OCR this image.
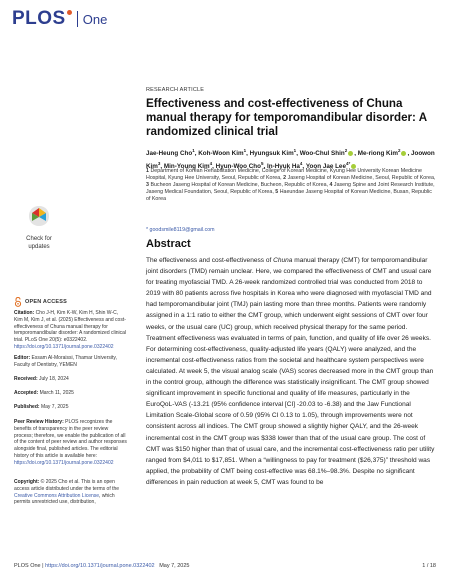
PLOS One
Check for
updates
OPEN ACCESS
Citation: Cho J-H, Kim K-W, Kim H, Shin W-C, Kim M, Kim J, et al. (2025) Effectiveness and cost-effectiveness of Chuna manual therapy for temporomandibular disorder: A randomized clinical trial. PLoS One 20(5): e0322402. https://doi.org/10.1371/journal.pone.0322402
Editor: Essam Al-Moraissi, Thamar University, Faculty of Dentistry, YEMEN
Received: July 18, 2024
Accepted: March 11, 2025
Published: May 7, 2025
Peer Review History: PLOS recognizes the benefits of transparency in the peer review process; therefore, we enable the publication of all of the content of peer review and author responses alongside final, published articles. The editorial history of this article is available here: https://doi.org/10.1371/journal.pone.0322402
Copyright: © 2025 Cho et al. This is an open access article distributed under the terms of the Creative Commons Attribution License, which permits unrestricted use, distribution,
RESEARCH ARTICLE
Effectiveness and cost-effectiveness of Chuna manual therapy for temporomandibular disorder: A randomized clinical trial
Jae-Heung Cho$^1$, Koh-Woon Kim$^1$, Hyungsuk Kim$^1$, Woo-Chul Shin$^2$ , Me-riong Kim$^2$ , Joowon Kim$^3$, Min-Young Kim$^4$, Hyun-Woo Cho$^5$, In-Hyuk Ha$^4$, Yoon Jae Lee$^{4*}$
1 Department of Korean Rehabilitation Medicine, College of Korean Medicine, Kyung Hee University Korean Medicine Hospital, Kyung Hee University, Seoul, Republic of Korea, 2 Jaseng Hospital of Korean Medicine, Seoul, Republic of Korea, 3 Bucheon Jaseng Hospital of Korean Medicine, Bucheon, Republic of Korea, 4 Jaseng Spine and Joint Research Institute, Jaseng Medical Foundation, Seoul, Republic of Korea, 5 Haeundae Jaseng Hospital of Korean Medicine, Busan, Republic of Korea
* goodsmile8119@gmail.com
Abstract
The effectiveness and cost-effectiveness of Chuna manual therapy (CMT) for temporomandibular joint disorders (TMD) remain unclear. Here, we compared the effectiveness of CMT and usual care for treating myofascial TMD. A 26-week randomized controlled trial was conducted from 2018 to 2019 with 80 patients across five hospitals in Korea who were diagnosed with myofascial TMD and had temporomandibular joint (TMJ) pain lasting more than three months. Patients were randomly assigned in a 1:1 ratio to either the CMT group, which underwent eight sessions of CMT over four weeks, or the usual care (UC) group, which received physical therapy for the same period. Treatment effectiveness was evaluated in terms of pain, function, and quality of life over 26 weeks. For determining cost-effectiveness, quality-adjusted life years (QALY) were analyzed, and the incremental cost-effectiveness ratios from the societal and healthcare system perspectives were calculated. At week 5, the visual analog scale (VAS) scores decreased more in the CMT group than in the control group, although the difference was statistically insignificant. The CMT group showed significant improvement in specific functional and quality of life measures, particularly in the EuroQoL-VAS (-13.21 (95% confidence interval [CI] -20.03 to -6.38) and the Jaw Functional Limitation Scale-Global score of 0.59 (95% CI 0.13 to 1.05), through improvements were not consistent across all indices. The CMT group showed a slightly higher QALY, and the 26-week incremental cost in the CMT group was $338 lower than that of the usual care group. The cost of CMT was $150 higher than that of usual care, and the incremental cost-effectiveness ratio per utility ranged from $4,011 to $17,851. When a “willingness to pay for treatment ($26,375)” threshold was applied, the probability of CMT being cost-effective was 68.1%–98.3%. Despite no significant differences in pain reduction at week 5, CMT was found to be
PLOS One | https://doi.org/10.1371/journal.pone.0322402 May 7, 2025	1 / 18
